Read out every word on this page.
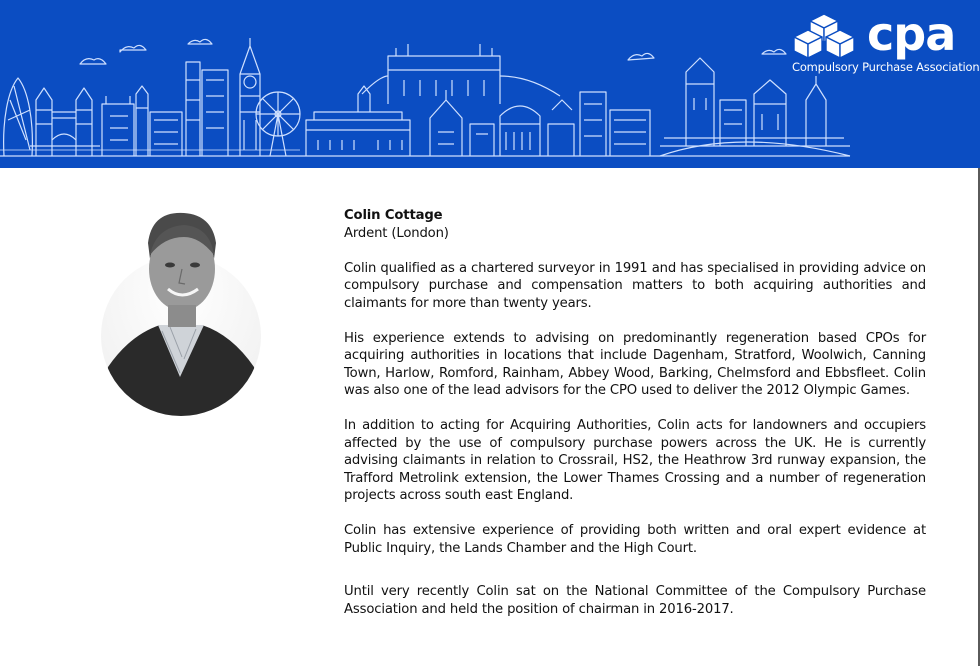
cpa
Compulsory Purchase Association
Colin Cottage
Ardent (London)

Colin qualified as a chartered surveyor in 1991 and has specialised in providing advice on compulsory purchase and compensation matters to both acquiring authorities and claimants for more than twenty years.

His experience extends to advising on predominantly regeneration based CPOs for acquiring authorities in locations that include Dagenham, Stratford, Woolwich, Canning Town, Harlow, Romford, Rainham, Abbey Wood, Barking, Chelmsford and Ebbsfleet. Colin was also one of the lead advisors for the CPO used to deliver the 2012 Olympic Games.

In addition to acting for Acquiring Authorities, Colin acts for landowners and occupiers affected by the use of compulsory purchase powers across the UK. He is currently advising claimants in relation to Crossrail, HS2, the Heathrow 3rd runway expansion, the Trafford Metrolink extension, the Lower Thames Crossing and a number of regeneration projects across south east England.

Colin has extensive experience of providing both written and oral expert evidence at Public Inquiry, the Lands Chamber and the High Court.

Until very recently Colin sat on the National Committee of the Compulsory Purchase Association and held the position of chairman in 2016-2017.
